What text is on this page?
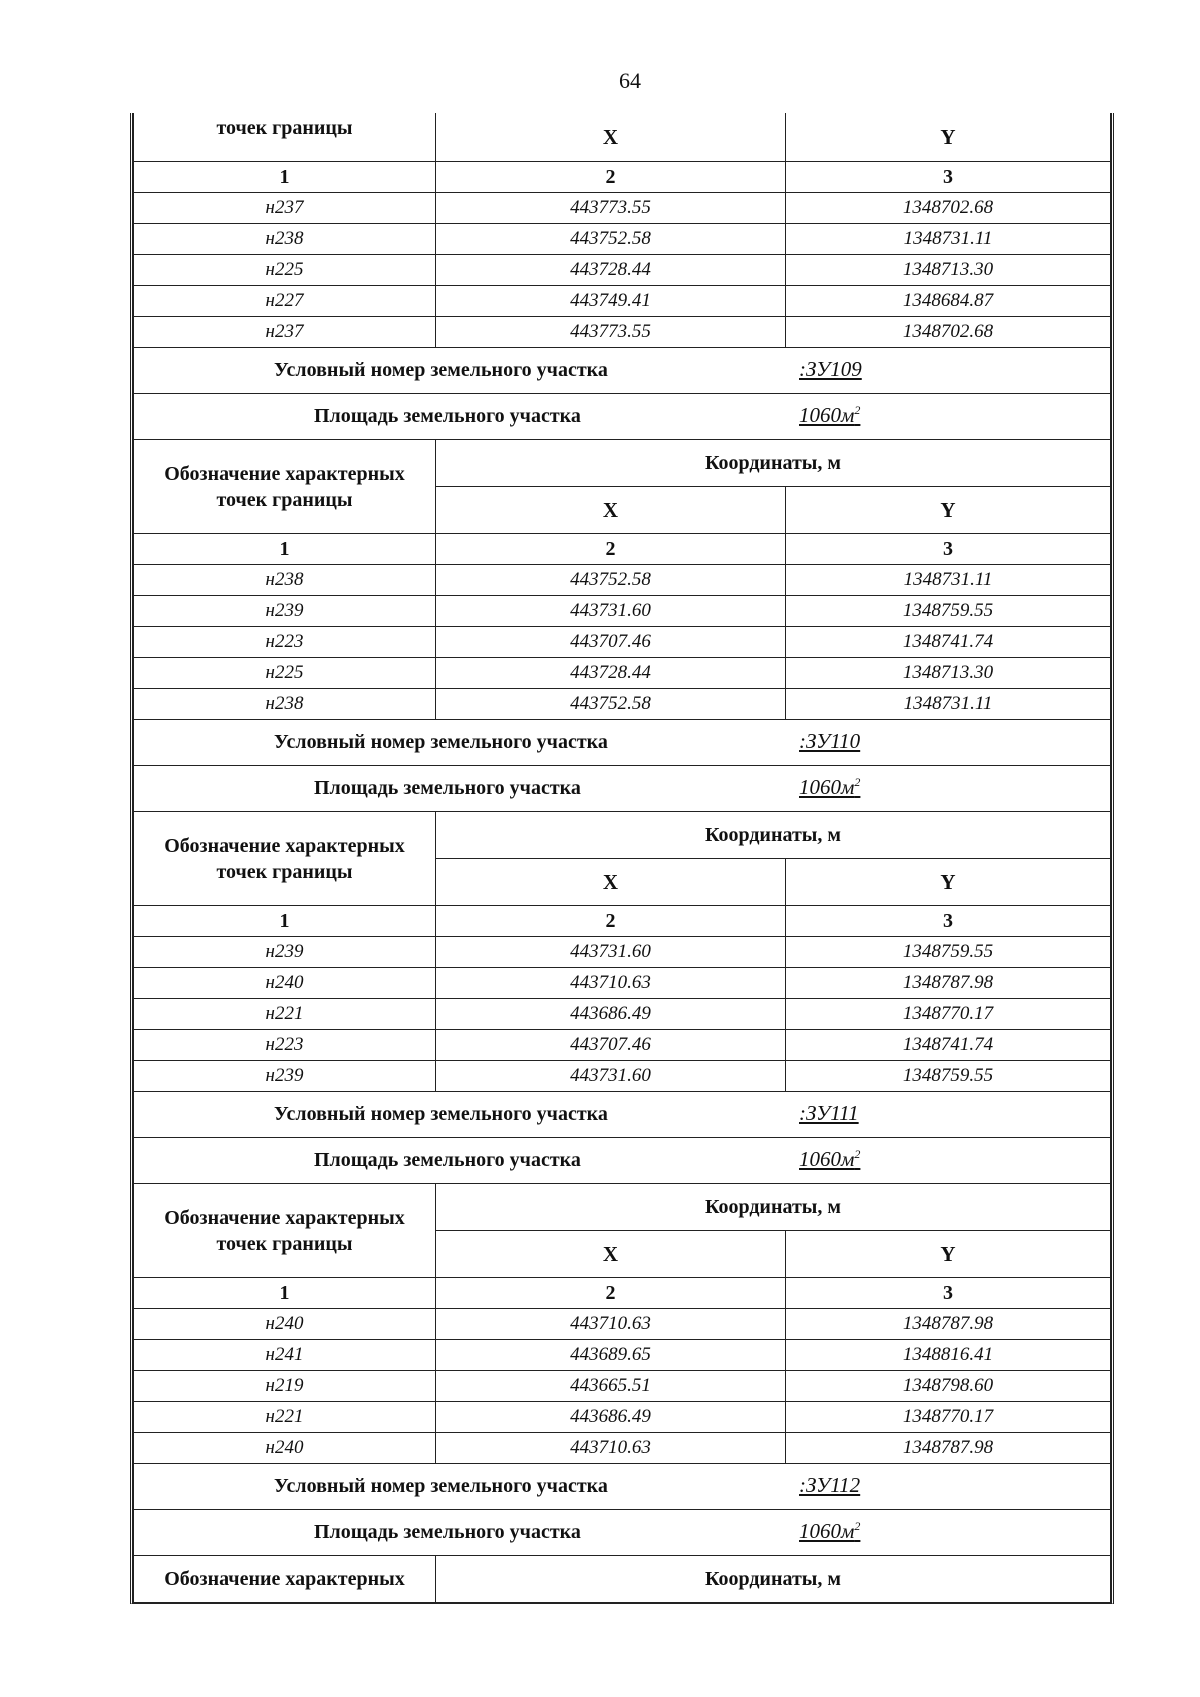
64
точек границы	X	Y
1	2	3
н237	443773.55	1348702.68
н238	443752.58	1348731.11
н225	443728.44	1348713.30
н227	443749.41	1348684.87
н237	443773.55	1348702.68

Условный номер земельного участка :ЗУ109		

Площадь земельного участка $1060м^2$

Обозначение характерных
точек границы	Координаты, м	
	X	Y
1	2	3
н238	443752.58	1348731.11
н239	443731.60	1348759.55
н223	443707.46	1348741.74
н225	443728.44	1348713.30
н238	443752.58	1348731.11

Условный номер земельного участка :ЗУ110		

Площадь земельного участка $1060м^2$

Обозначение характерных
точек границы	Координаты, м	
	X	Y
1	2	3
н239	443731.60	1348759.55
н240	443710.63	1348787.98
н221	443686.49	1348770.17
н223	443707.46	1348741.74
н239	443731.60	1348759.55

Условный номер земельного участка :ЗУ111		

Площадь земельного участка $1060м^2$

Обозначение характерных
точек границы	Координаты, м	
	X	Y
1	2	3
н240	443710.63	1348787.98
н241	443689.65	1348816.41
н219	443665.51	1348798.60
н221	443686.49	1348770.17
н240	443710.63	1348787.98

Условный номер земельного участка :ЗУ112		

Площадь земельного участка $1060м^2$

Обозначение характерных	Координаты, м	
